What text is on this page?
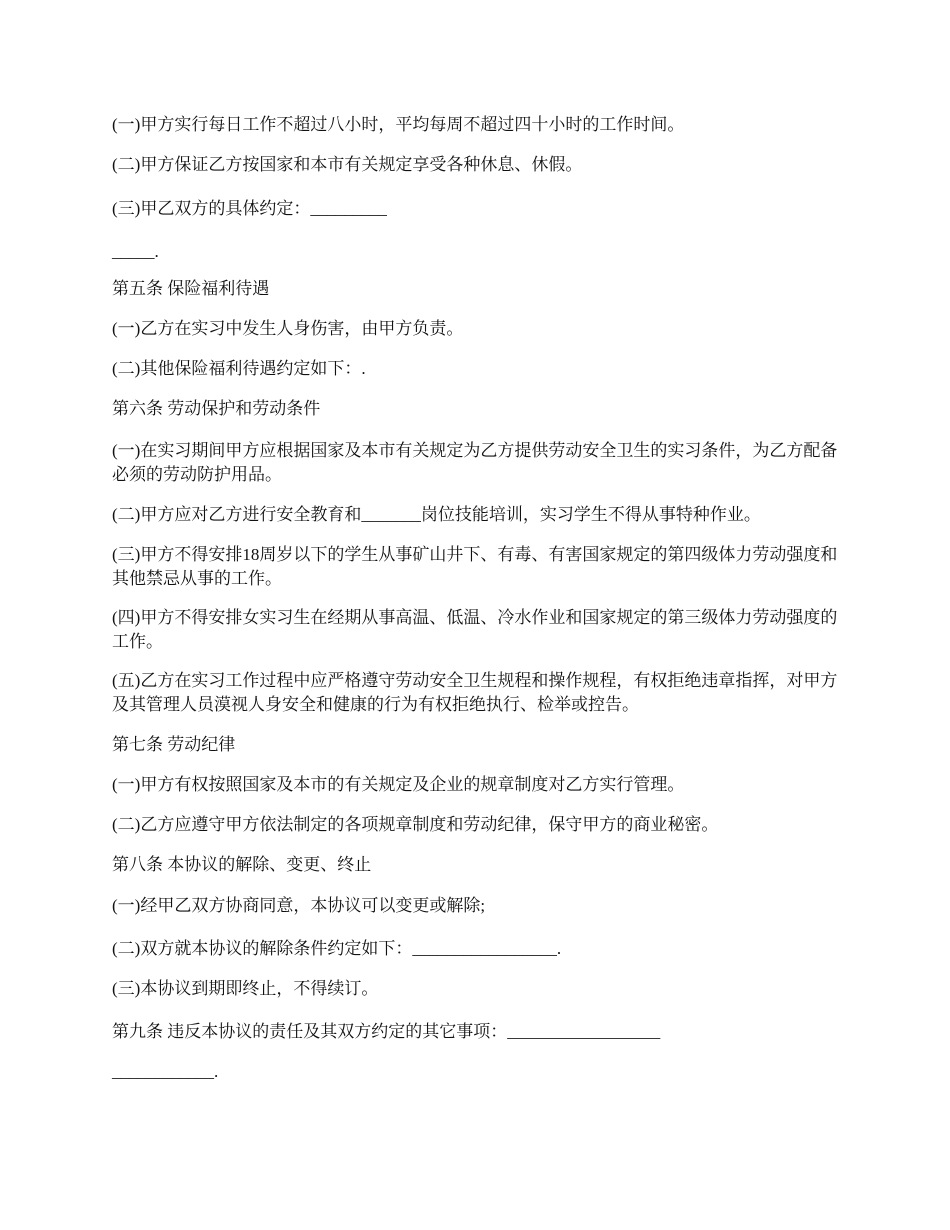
(一)甲方实行每日工作不超过八小时，平均每周不超过四十小时的工作时间。

(二)甲方保证乙方按国家和本市有关规定享受各种休息、休假。

(三)甲乙双方的具体约定：_________

_____.

第五条 保险福利待遇

(一)乙方在实习中发生人身伤害，由甲方负责。

(二)其他保险福利待遇约定如下：.

第六条 劳动保护和劳动条件

(一)在实习期间甲方应根据国家及本市有关规定为乙方提供劳动安全卫生的实习条件，为乙方配备必须的劳动防护用品。

(二)甲方应对乙方进行安全教育和_______岗位技能培训，实习学生不得从事特种作业。

(三)甲方不得安排18周岁以下的学生从事矿山井下、有毒、有害国家规定的第四级体力劳动强度和其他禁忌从事的工作。

(四)甲方不得安排女实习生在经期从事高温、低温、冷水作业和国家规定的第三级体力劳动强度的工作。

(五)乙方在实习工作过程中应严格遵守劳动安全卫生规程和操作规程，有权拒绝违章指挥，对甲方及其管理人员漠视人身安全和健康的行为有权拒绝执行、检举或控告。

第七条 劳动纪律

(一)甲方有权按照国家及本市的有关规定及企业的规章制度对乙方实行管理。

(二)乙方应遵守甲方依法制定的各项规章制度和劳动纪律，保守甲方的商业秘密。

第八条 本协议的解除、变更、终止

(一)经甲乙双方协商同意，本协议可以变更或解除;

(二)双方就本协议的解除条件约定如下：_________________.

(三)本协议到期即终止，不得续订。

第九条 违反本协议的责任及其双方约定的其它事项：__________________

____________.
